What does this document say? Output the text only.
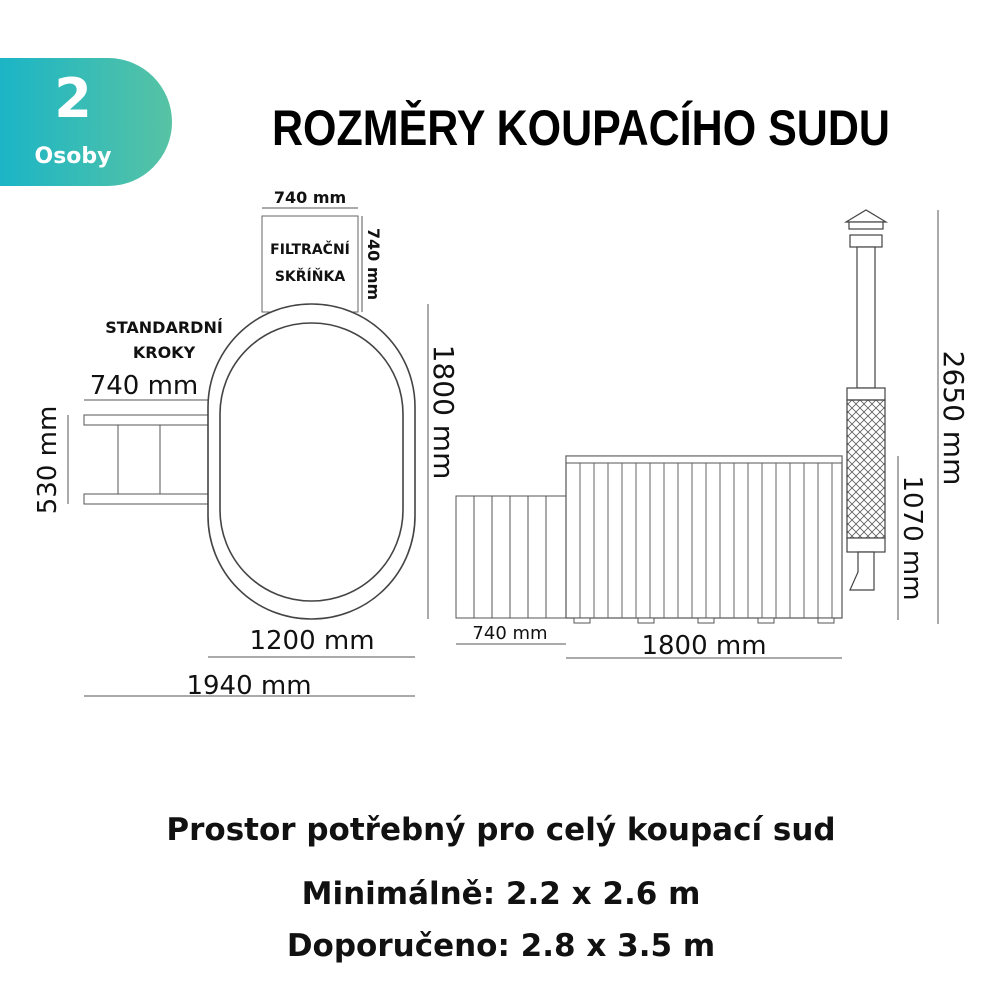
2
Osoby
ROZMĚRY KOUPACÍHO SUDU
740 mm
740 mm
FILTRAČNÍ
SKŘÍŇKA
STANDARDNÍ
KROKY
740 mm
530 mm	1800 mm
1200 mm
1940 mm
740 mm	1800 mm
1070 mm
2650 mm
Prostor potřebný pro celý koupací sud
Minimálně: 2.2 x 2.6 m
Doporučeno: 2.8 x 3.5 m
